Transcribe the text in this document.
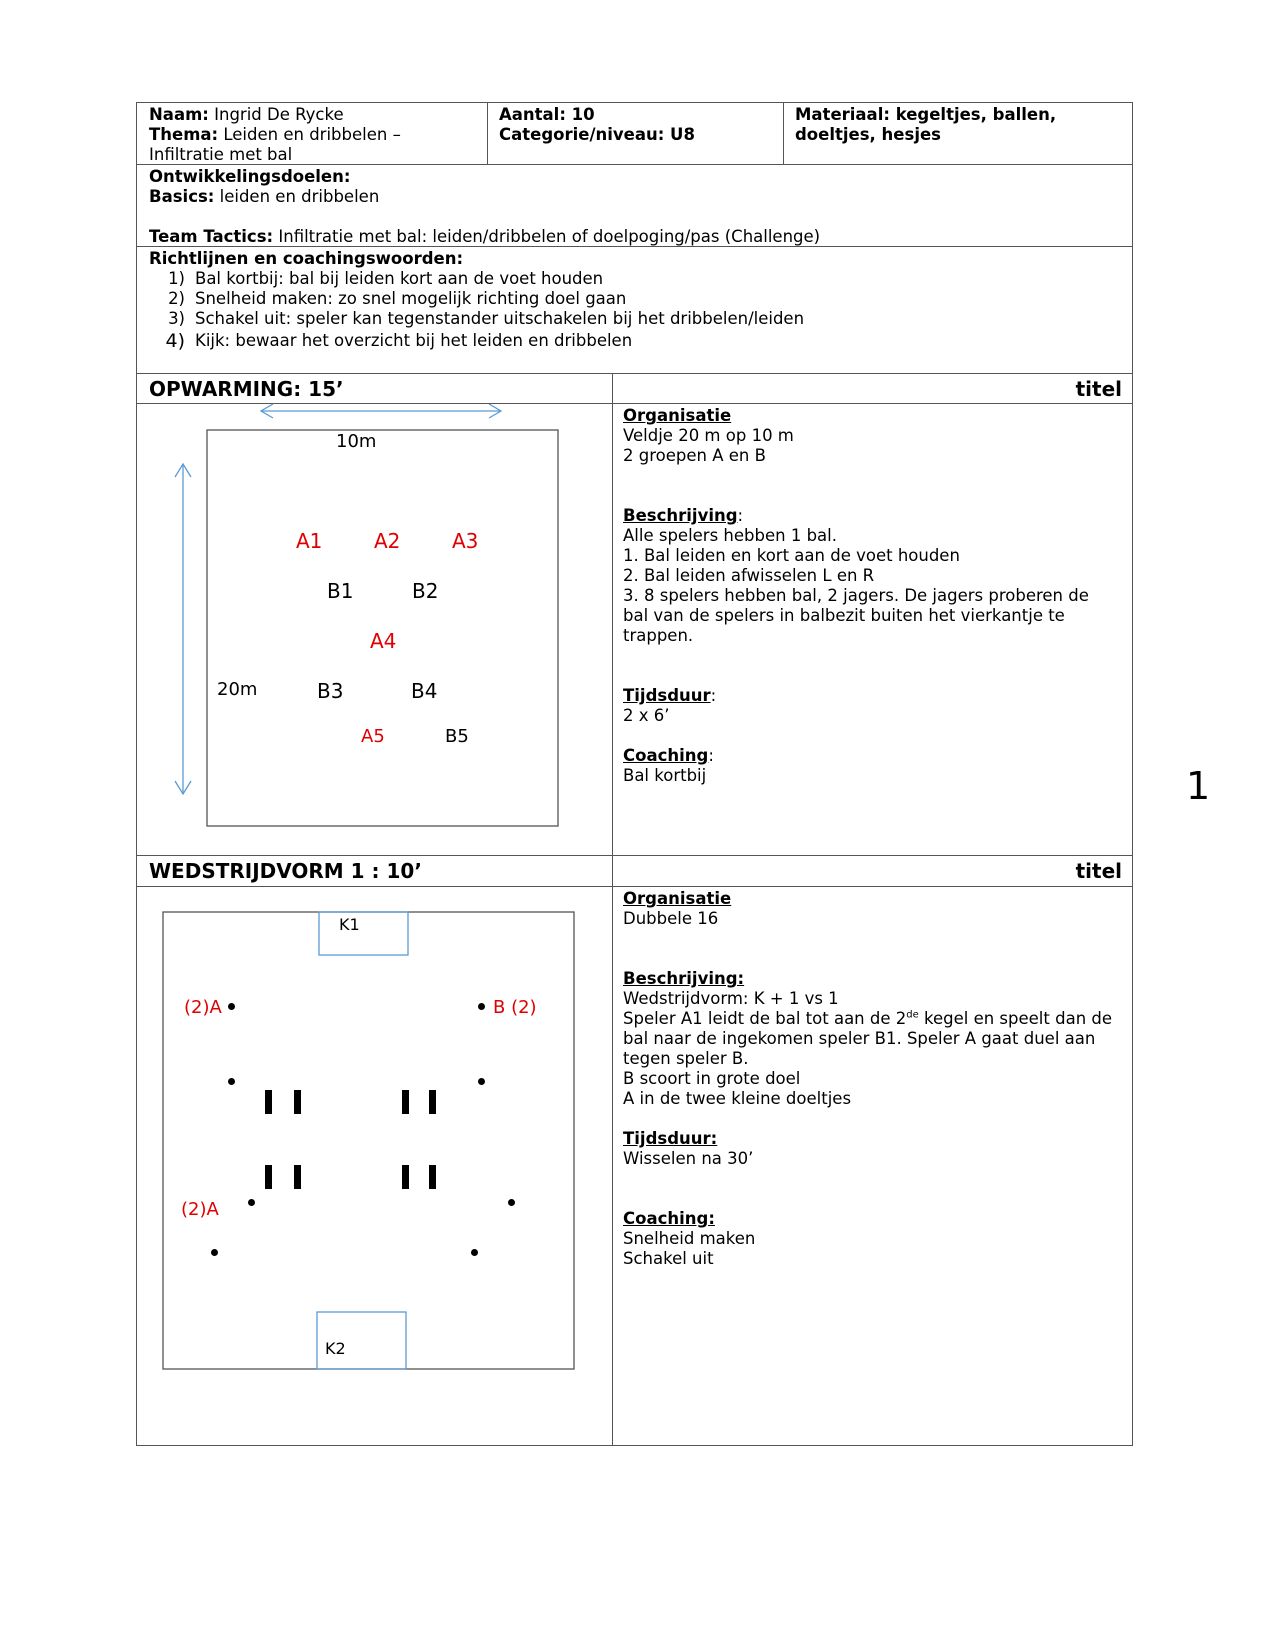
Naam: Ingrid De Rycke
Thema: Leiden en dribbelen –
Infiltratie met bal
Aantal: 10
Categorie/niveau: U8
Materiaal: kegeltjes, ballen,
doeltjes, hesjes
Ontwikkelingsdoelen:
Basics: leiden en dribbelen
Team Tactics: Infiltratie met bal: leiden/dribbelen of doelpoging/pas (Challenge)
Richtlijnen en coachingswoorden:
1) Bal kortbij: bal bij leiden kort aan de voet houden
2) Snelheid maken: zo snel mogelijk richting doel gaan
3) Schakel uit: speler kan tegenstander uitschakelen bij het dribbelen/leiden
4) Kijk: bewaar het overzicht bij het leiden en dribbelen
OPWARMING: 15’	titel
10m
20m
A1	A2	A3
B1	B2
A4
B3	B4
A5	B5
Organisatie
Veldje 20 m op 10 m
2 groepen A en B
Beschrijving:
Alle spelers hebben 1 bal.
1. Bal leiden en kort aan de voet houden
2. Bal leiden afwisselen L en R
3. 8 spelers hebben bal, 2 jagers. De jagers proberen de
bal van de spelers in balbezit buiten het vierkantje te
trappen.
Tijdsduur:
2 x 6’
Coaching:
Bal kortbij
WEDSTRIJDVORM 1 : 10’	titel
K1
K2
(2)A	B (2)
(2)A
Organisatie
Dubbele 16
Beschrijving:
Wedstrijdvorm: K + 1 vs 1
Speler A1 leidt de bal tot aan de 2de kegel en speelt dan de
bal naar de ingekomen speler B1. Speler A gaat duel aan
tegen speler B.
B scoort in grote doel
A in de twee kleine doeltjes
Tijdsduur:
Wisselen na 30’
Coaching:
Snelheid maken
Schakel uit
1
